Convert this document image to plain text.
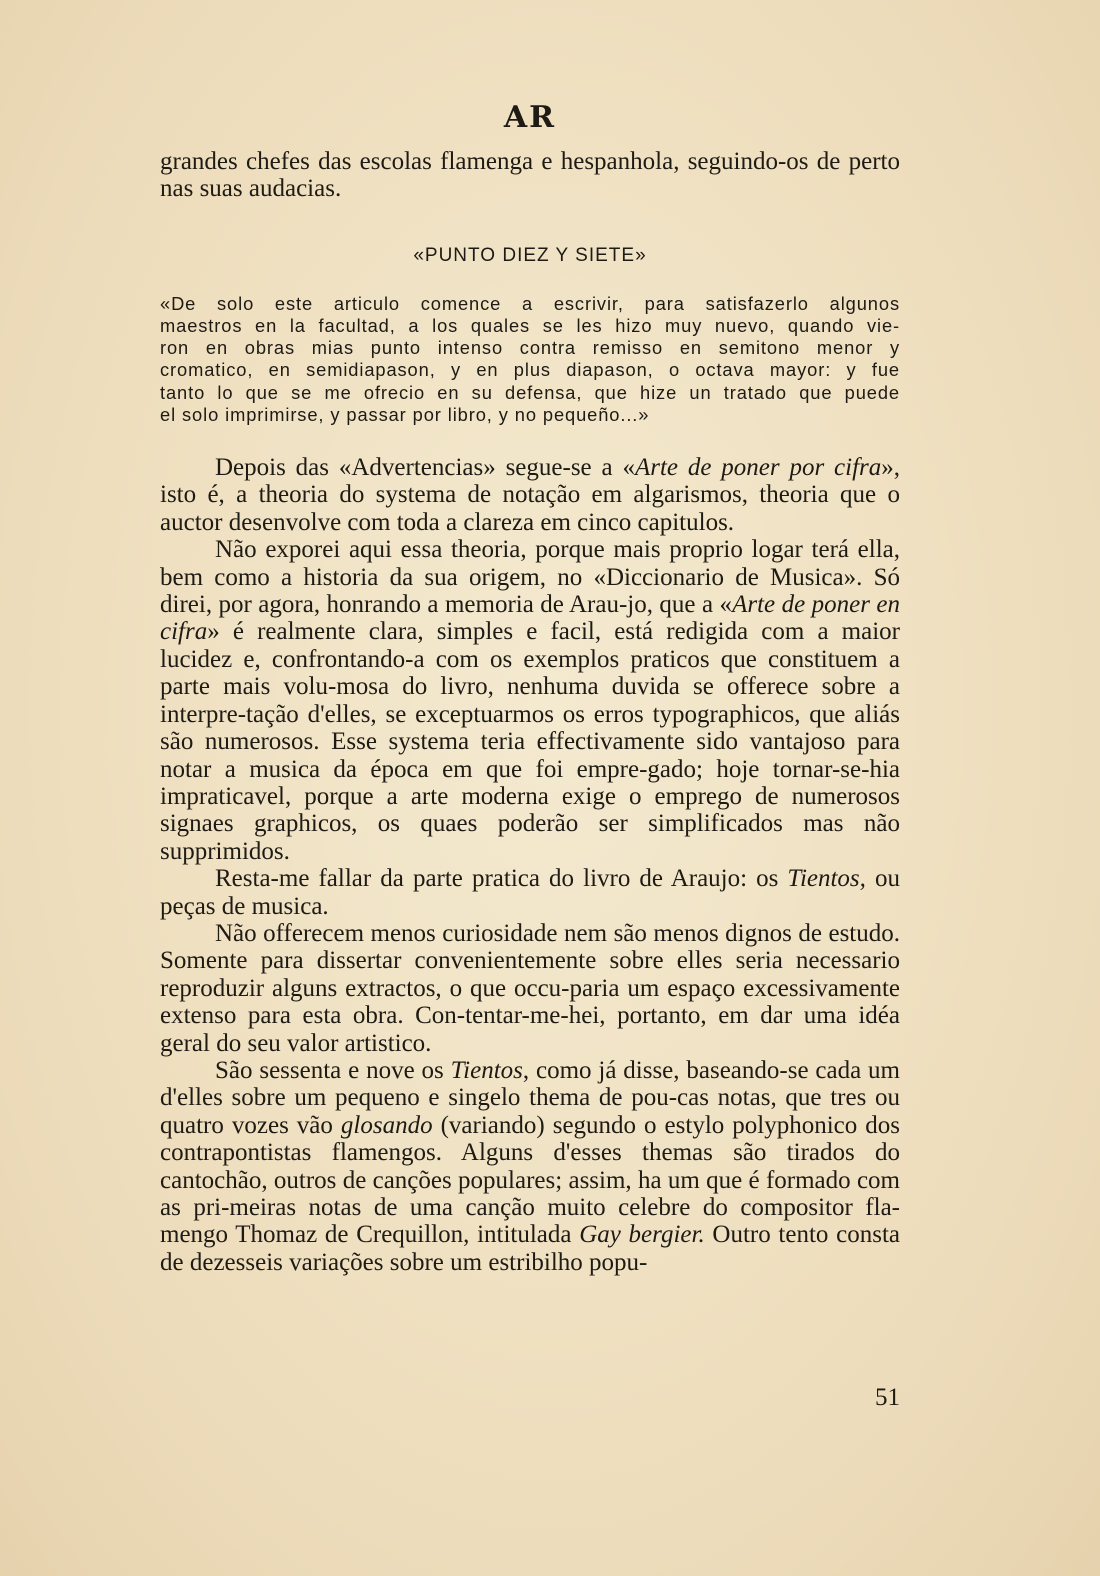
AR

grandes chefes das escolas flamenga e hespanhola, seguindo-os de perto nas suas audacias.

«PUNTO DIEZ Y SIETE»
«De solo este articulo comence a escrivir, para satisfazerlo algunos
maestros en la facultad, a los quales se les hizo muy nuevo, quando vie-
ron en obras mias punto intenso contra remisso en semitono menor y
cromatico, en semidiapason, y en plus diapason, o octava mayor: y fue
tanto lo que se me ofrecio en su defensa, que hize un tratado que puede
el solo imprimirse, y passar por libro, y no pequeño...»

Depois das «Advertencias» segue-se a «Arte de poner por cifra», isto é, a theoria do systema de notação em algarismos, theoria que o auctor desenvolve com toda a clareza em cinco capitulos.

Não exporei aqui essa theoria, porque mais proprio logar terá ella, bem como a historia da sua origem, no «Diccionario de Musica». Só direi, por agora, honrando a memoria de Arau-jo, que a «Arte de poner en cifra» é realmente clara, simples e facil, está redigida com a maior lucidez e, confrontando-a com os exemplos praticos que constituem a parte mais volu-mosa do livro, nenhuma duvida se offerece sobre a interpre-tação d'elles, se exceptuarmos os erros typographicos, que aliás são numerosos. Esse systema teria effectivamente sido vantajoso para notar a musica da época em que foi empre-gado; hoje tornar-se-hia impraticavel, porque a arte moderna exige o emprego de numerosos signaes graphicos, os quaes poderão ser simplificados mas não supprimidos.

Resta-me fallar da parte pratica do livro de Araujo: os Tientos, ou peças de musica.

Não offerecem menos curiosidade nem são menos dignos de estudo. Somente para dissertar convenientemente sobre elles seria necessario reproduzir alguns extractos, o que occu-paria um espaço excessivamente extenso para esta obra. Con-tentar-me-hei, portanto, em dar uma idéa geral do seu valor artistico.

São sessenta e nove os Tientos, como já disse, baseando-se cada um d'elles sobre um pequeno e singelo thema de pou-cas notas, que tres ou quatro vozes vão glosando (variando) segundo o estylo polyphonico dos contrapontistas flamengos. Alguns d'esses themas são tirados do cantochão, outros de canções populares; assim, ha um que é formado com as pri-meiras notas de uma canção muito celebre do compositor fla-mengo Thomaz de Crequillon, intitulada Gay bergier. Outro tento consta de dezesseis variações sobre um estribilho popu-

51
